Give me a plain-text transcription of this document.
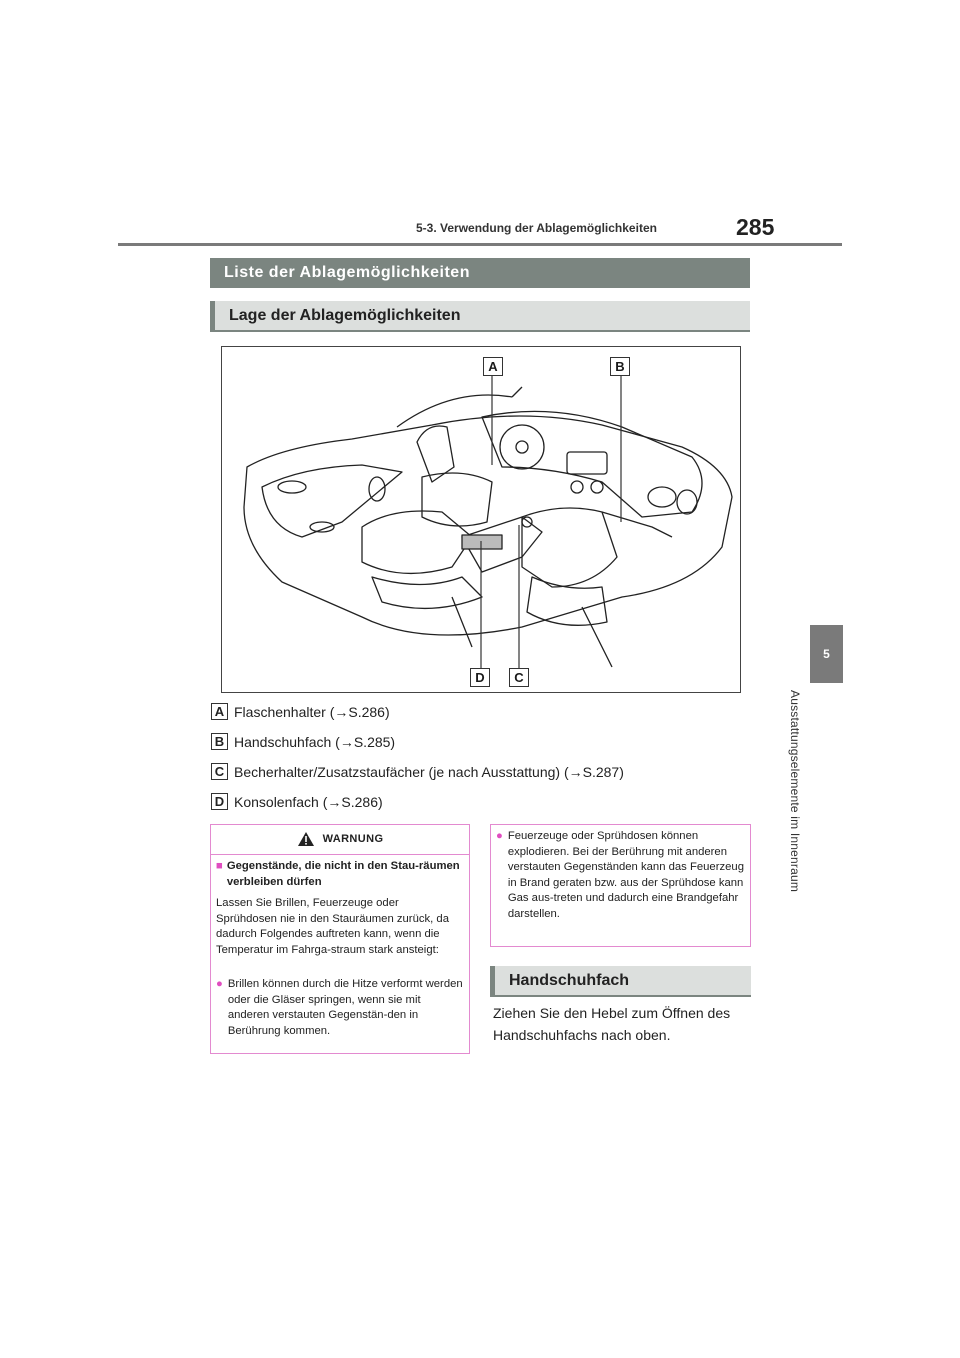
5-3. Verwendung der Ablagemöglichkeiten	285
5
Ausstattungselemente im Innenraum
Liste der Ablagemöglichkeiten
Lage der Ablagemöglichkeiten
A	B
D	C
A Flaschenhalter (→S.286)
B Handschuhfach (→S.285)
C Becherhalter/Zusatzstaufächer (je nach Ausstattung) (→S.287)
D Konsolenfach (→S.286)
WARNUNG
■ Gegenstände, die nicht in den Stau-räumen verbleiben dürfen
Lassen Sie Brillen, Feuerzeuge oder Sprühdosen nie in den Stauräumen zurück, da dadurch Folgendes auftreten kann, wenn die Temperatur im Fahrga-straum stark ansteigt:
● Brillen können durch die Hitze verformt werden oder die Gläser springen, wenn sie mit anderen verstauten Gegenstän-den in Berührung kommen.
● Feuerzeuge oder Sprühdosen können explodieren. Bei der Berührung mit anderen verstauten Gegenständen kann das Feuerzeug in Brand geraten bzw. aus der Sprühdose kann Gas aus-treten und dadurch eine Brandgefahr darstellen.
Handschuhfach
Ziehen Sie den Hebel zum Öffnen des Handschuhfachs nach oben.
